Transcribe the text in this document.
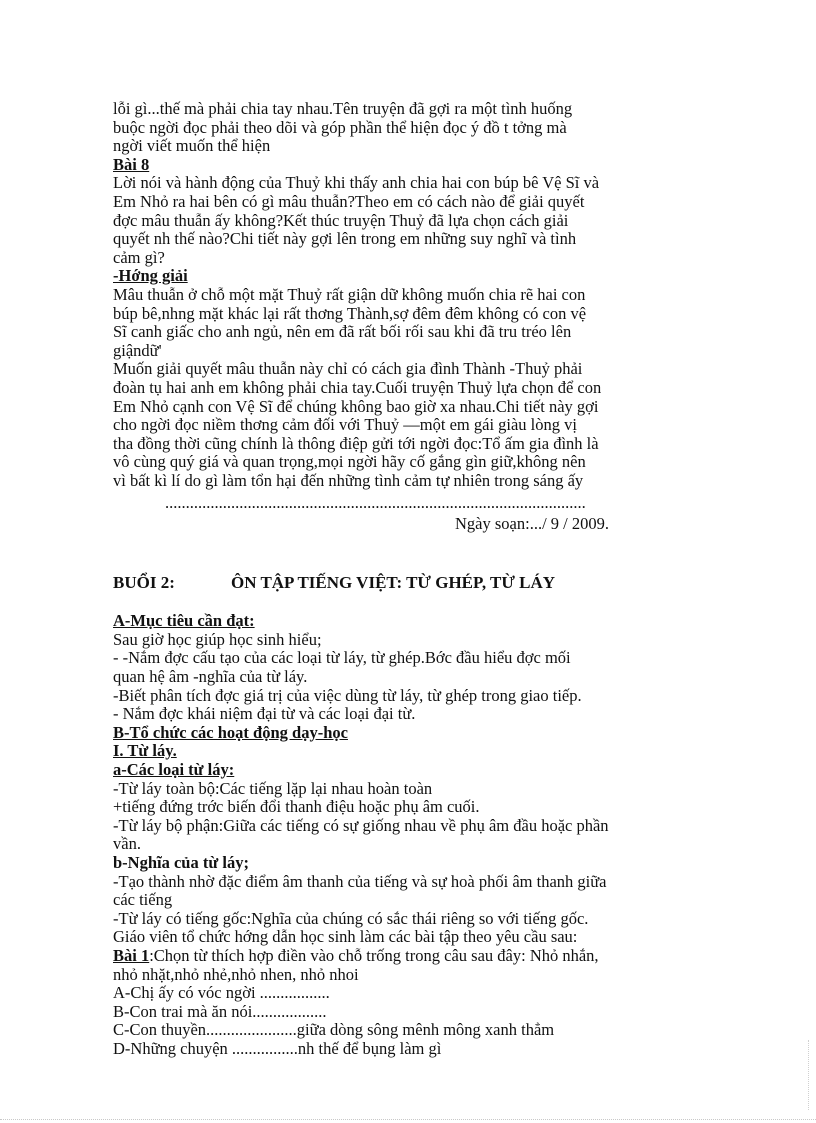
lỗi gì...thế mà phải chia tay nhau.Tên truyện đã gợi ra một tình huống

buộc ngời đọc phải theo dõi và góp phần thể hiện đọc ý đồ t tởng mà

ngời viết muốn thể hiện

Bài 8

Lời nói và hành động của Thuỷ khi thấy anh chia hai con búp bê Vệ Sĩ và

Em Nhỏ ra hai bên có gì mâu thuẫn?Theo em có cách nào để giải quyết

đợc mâu thuẫn ấy không?Kết thúc truyện Thuỷ đã lựa chọn cách giải

quyết nh thế nào?Chi tiết này gợi lên trong em những suy nghĩ và tình

cảm gì?

-Hớng giải

Mâu thuẫn ở chỗ một mặt Thuỷ rất giận dữ không muốn chia rẽ hai con

búp bê,nhng mặt khác lại rất thơng Thành,sợ đêm đêm không có con vệ

Sĩ canh giấc cho anh ngủ, nên em đã rất bối rối sau khi đã tru tréo lên

giậndữ'

Muốn giải quyết mâu thuẫn này chỉ có cách gia đình Thành -Thuỷ phải

đoàn tụ hai anh em không phải chia tay.Cuối truyện Thuỷ lựa chọn để con

Em Nhỏ cạnh con Vệ Sĩ để chúng không bao giờ xa nhau.Chi tiết này gợi

cho ngời đọc niềm thơng cảm đối với Thuỷ —một em gái giàu lòng vị

tha đồng thời cũng chính là thông điệp gửi tới ngời đọc:Tổ ấm gia đình là

vô cùng quý giá và quan trọng,mọi ngời hãy cố gắng gìn giữ,không nên

vì bất kì lí do gì làm tổn hại đến những tình cảm tự nhiên trong sáng ấy

......................................................................................................

Ngày soạn:.../ 9 / 2009.

BUỔI 2:	ÔN TẬP TIẾNG VIỆT: TỪ GHÉP, TỪ LÁY

A-Mục tiêu cần đạt:

Sau giờ học giúp học sinh hiểu;

- -Nắm đợc cấu tạo của các loại từ láy, từ ghép.Bớc đầu hiểu đợc mối

quan hệ âm -nghĩa của từ láy.

-Biết phân tích đợc giá trị của việc dùng từ láy, từ ghép trong giao tiếp.

- Nắm đợc khái niệm đại từ và các loại đại từ.

B-Tổ chức các hoạt động dạy-học

I. Từ láy.

a-Các loại từ láy:

-Từ láy toàn bộ:Các tiếng lặp lại nhau hoàn toàn

+tiếng đứng trớc biến đổi thanh điệu hoặc phụ âm cuối.

-Từ láy bộ phận:Giữa các tiếng có sự giống nhau về phụ âm đầu hoặc phần

vần.

b-Nghĩa của từ láy;

-Tạo thành nhờ đặc điểm âm thanh của tiếng và sự hoà phối âm thanh giữa

các tiếng

-Từ láy có tiếng gốc:Nghĩa của chúng có sắc thái riêng so với tiếng gốc.

Giáo viên tổ chức hớng dẫn học sinh làm các bài tập theo yêu cầu sau:

Bài 1:Chọn từ thích hợp điền vào chỗ trống trong câu sau đây: Nhỏ nhắn,

nhỏ nhặt,nhỏ nhẻ,nhỏ nhen, nhỏ nhoi

A-Chị ấy có vóc ngời .................

B-Con trai mà ăn nói..................

C-Con thuyền......................giữa dòng sông mênh mông xanh thẳm

D-Những chuyện ................nh thế để bụng làm gì
